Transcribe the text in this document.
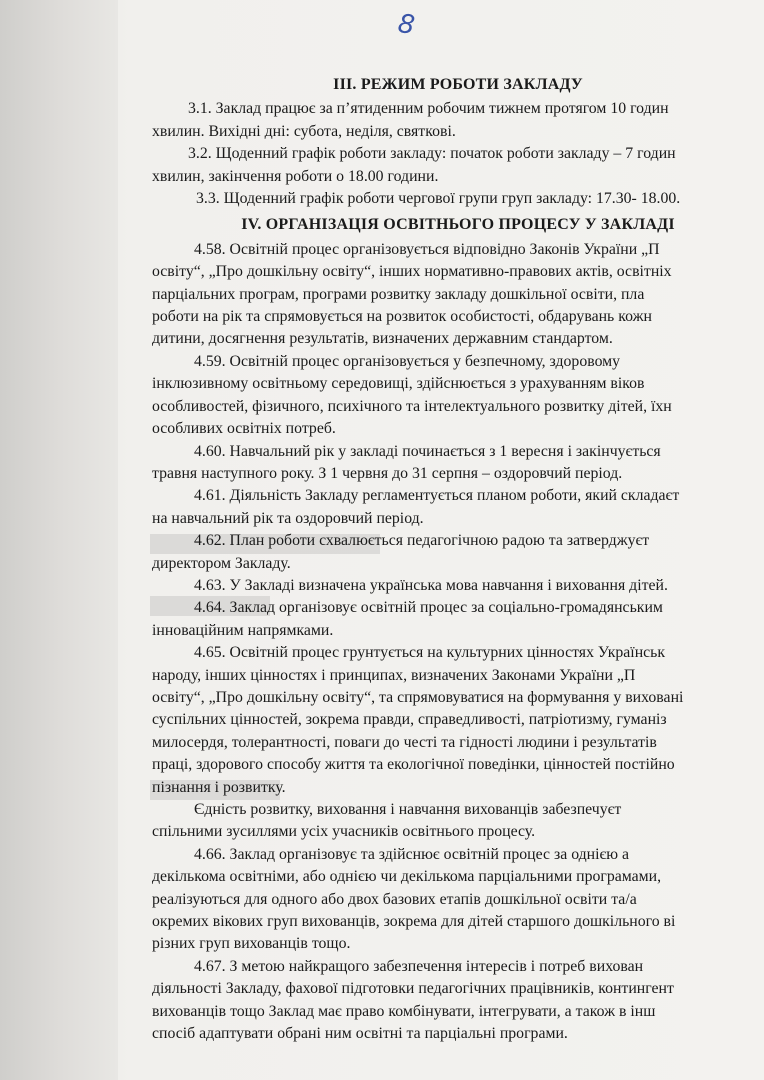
8
ІІІ. РЕЖИМ РОБОТИ ЗАКЛАДУ
3.1. Заклад працює за п’ятиденним робочим тижнем протягом 10 годин
хвилин. Вихідні дні: субота, неділя, святкові.
3.2. Щоденний графік роботи закладу: початок роботи закладу – 7 годин
хвилин, закінчення роботи о 18.00 години.
3.3. Щоденний графік роботи чергової групи груп закладу: 17.30- 18.00.
ІV. ОРГАНІЗАЦІЯ ОСВІТНЬОГО ПРОЦЕСУ У ЗАКЛАДІ
4.58. Освітній процес організовується відповідно Законів України „П
освіту“, „Про дошкільну освіту“, інших нормативно-правових актів, освітніх
парціальних програм, програми розвитку закладу дошкільної освіти, пла
роботи на рік та спрямовується на розвиток особистості, обдарувань кожн
дитини, досягнення результатів, визначених державним стандартом.
4.59. Освітній процес організовується у безпечному, здоровому
інклюзивному освітньому середовищі, здійснюється з урахуванням віков
особливостей, фізичного, психічного та інтелектуального розвитку дітей, їхн
особливих освітніх потреб.
4.60. Навчальний рік у закладі починається з 1 вересня і закінчується
травня наступного року. З 1 червня до 31 серпня – оздоровчий період.
4.61. Діяльність Закладу регламентується планом роботи, який складаєт
на навчальний рік та оздоровчий період.
4.62. План роботи схвалюється педагогічною радою та затверджуєт
директором Закладу.
4.63. У Закладі визначена українська мова навчання і виховання дітей.
4.64. Заклад організовує освітній процес за соціально-громадянським
інноваційним напрямками.
4.65. Освітній процес грунтується на культурних цінностях Українськ
народу, інших цінностях і принципах, визначених Законами України „П
освіту“, „Про дошкільну освіту“, та спрямовуватися на формування у виховані
суспільних цінностей, зокрема правди, справедливості, патріотизму, гуманіз
милосердя, толерантності, поваги до честі та гідності людини і результатів
праці, здорового способу життя та екологічної поведінки, цінностей постійно
пізнання і розвитку.
Єдність розвитку, виховання і навчання вихованців забезпечуєт
спільними зусиллями усіх учасників освітнього процесу.
4.66. Заклад організовує та здійснює освітній процес за однією а
декількома освітніми, або однією чи декількома парціальними програмами,
реалізуються для одного або двох базових етапів дошкільної освіти та/а
окремих вікових груп вихованців, зокрема для дітей старшого дошкільного ві
різних груп вихованців тощо.
4.67. З метою найкращого забезпечення інтересів і потреб вихован
діяльності Закладу, фахової підготовки педагогічних працівників, контингент
вихованців тощо Заклад має право комбінувати, інтегрувати, а також в інш
спосіб адаптувати обрані ним освітні та парціальні програми.
